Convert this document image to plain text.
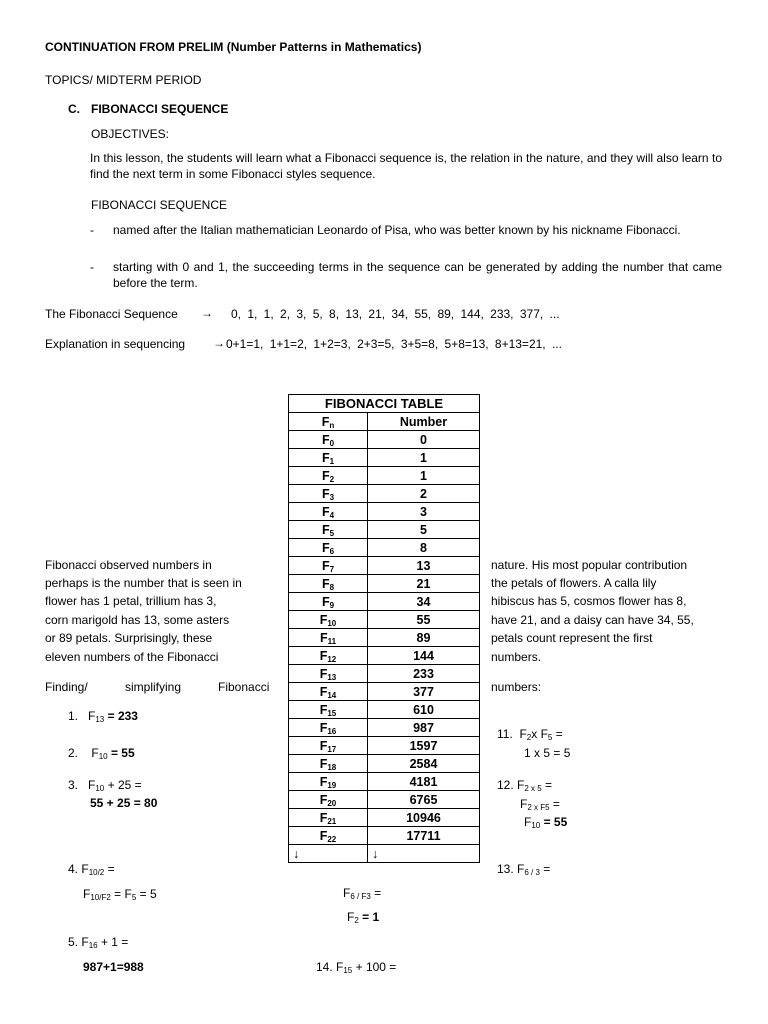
CONTINUATION FROM PRELIM (Number Patterns in Mathematics)
TOPICS/ MIDTERM PERIOD
C. FIBONACCI SEQUENCE
OBJECTIVES:
In this lesson, the students will learn what a Fibonacci sequence is, the relation in the nature, and they will also learn to find the next term in some Fibonacci styles sequence.
FIBONACCI SEQUENCE
- named after the Italian mathematician Leonardo of Pisa, who was better known by his nickname Fibonacci.
- starting with 0 and 1, the succeeding terms in the sequence can be generated by adding the number that came before the term.
The Fibonacci Sequence → 0, 1, 1, 2, 3, 5, 8, 13, 21, 34, 55, 89, 144, 233, 377, ...
Explanation in sequencing → 0+1=1, 1+1=2, 1+2=3, 2+3=5, 3+5=8, 5+8=13, 8+13=21, ...
FIBONACCI TABLE	
$F_n$	Number
$F_0$	0
$F_1$	1
$F_2$	1
$F_3$	2
$F_4$	3
$F_5$	5
$F_6$	8
$F_7$	13
$F_8$	21
$F_9$	34
$F_{10}$	55
$F_{11}$	89
$F_{12}$	144
$F_{13}$	233
$F_{14}$	377
$F_{15}$	610
$F_{16}$	987
$F_{17}$	1597
$F_{18}$	2584
$F_{19}$	4181
$F_{20}$	6765
$F_{21}$	10946
$F_{22}$	17711
↓	↓
Fibonacci observed numbers in
perhaps is the number that is seen in
flower has 1 petal, trillium has 3,
corn marigold has 13, some asters
or 89 petals. Surprisingly, these
eleven numbers of the Fibonacci
nature. His most popular contribution
the petals of flowers. A calla lily
hibiscus has 5, cosmos flower has 8,
have 21, and a daisy can have 34, 55,
petals count represent the first
numbers.
Finding/	simplifying	Fibonacci	numbers:
1.   $F_{13} = 233$
2.    $F_{10} = 55$
3.   $F_{10} + 25$ =
55 + 25 = 80
4. $F_{10/2}$ =
$F_{10/F2} = F_5 = 5$
5. $F_{16} + 1$ =
987+1=988
$F_{6 / F3}$ =
$F_2 = 1$
14. $F_{15} + 100$ =
11.  $F_2x$ $F_5$ =
1 x 5 = 5
12. $F_{2 x 5}$ =
$F_{2 x F5}$ =
$F_{10} = 55$
13. $F_{6 / 3}$ =
